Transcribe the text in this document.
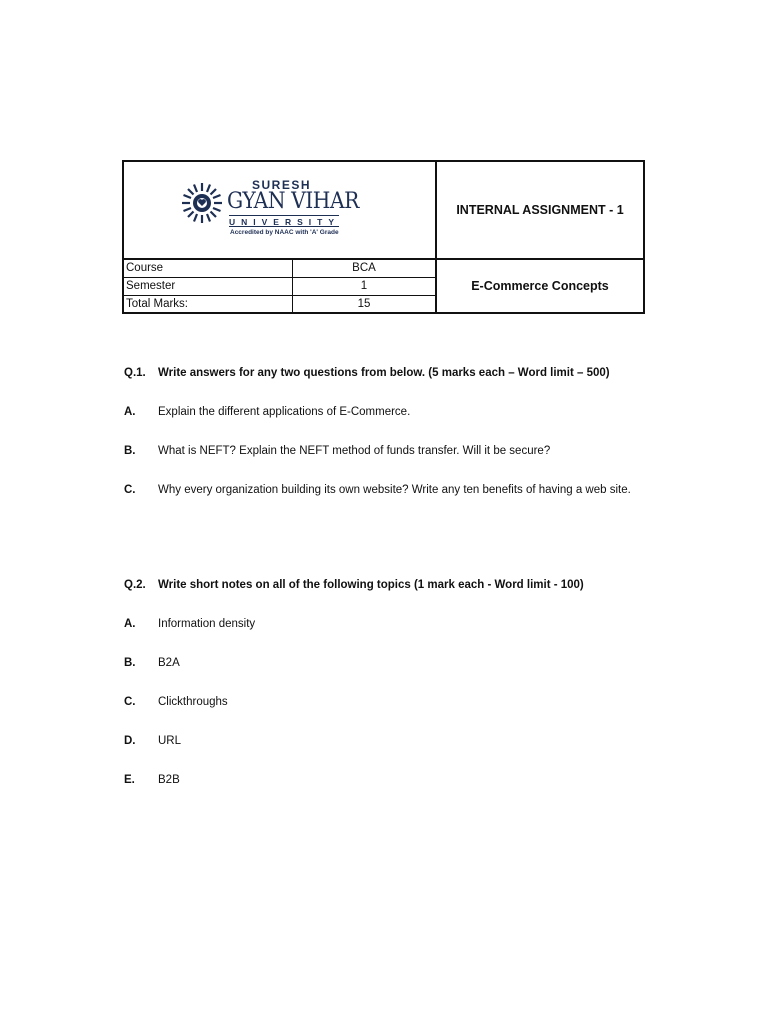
SURESH
GYAN VIHAR
UNIVERSITY
Accredited by NAAC with 'A' Grade
INTERNAL ASSIGNMENT - 1
Course	BCA
Semester	1
Total Marks:	15
E-Commerce Concepts
Q.1.	Write answers for any two questions from below. (5 marks each – Word limit – 500)
A.	Explain the different applications of E-Commerce.
B.	What is NEFT? Explain the NEFT method of funds transfer. Will it be secure?
C.	Why every organization building its own website? Write any ten benefits of having a web site.
Q.2.	Write short notes on all of the following topics (1 mark each - Word limit - 100)
A.	Information density
B.	B2A
C.	Clickthroughs
D.	URL
E.	B2B
